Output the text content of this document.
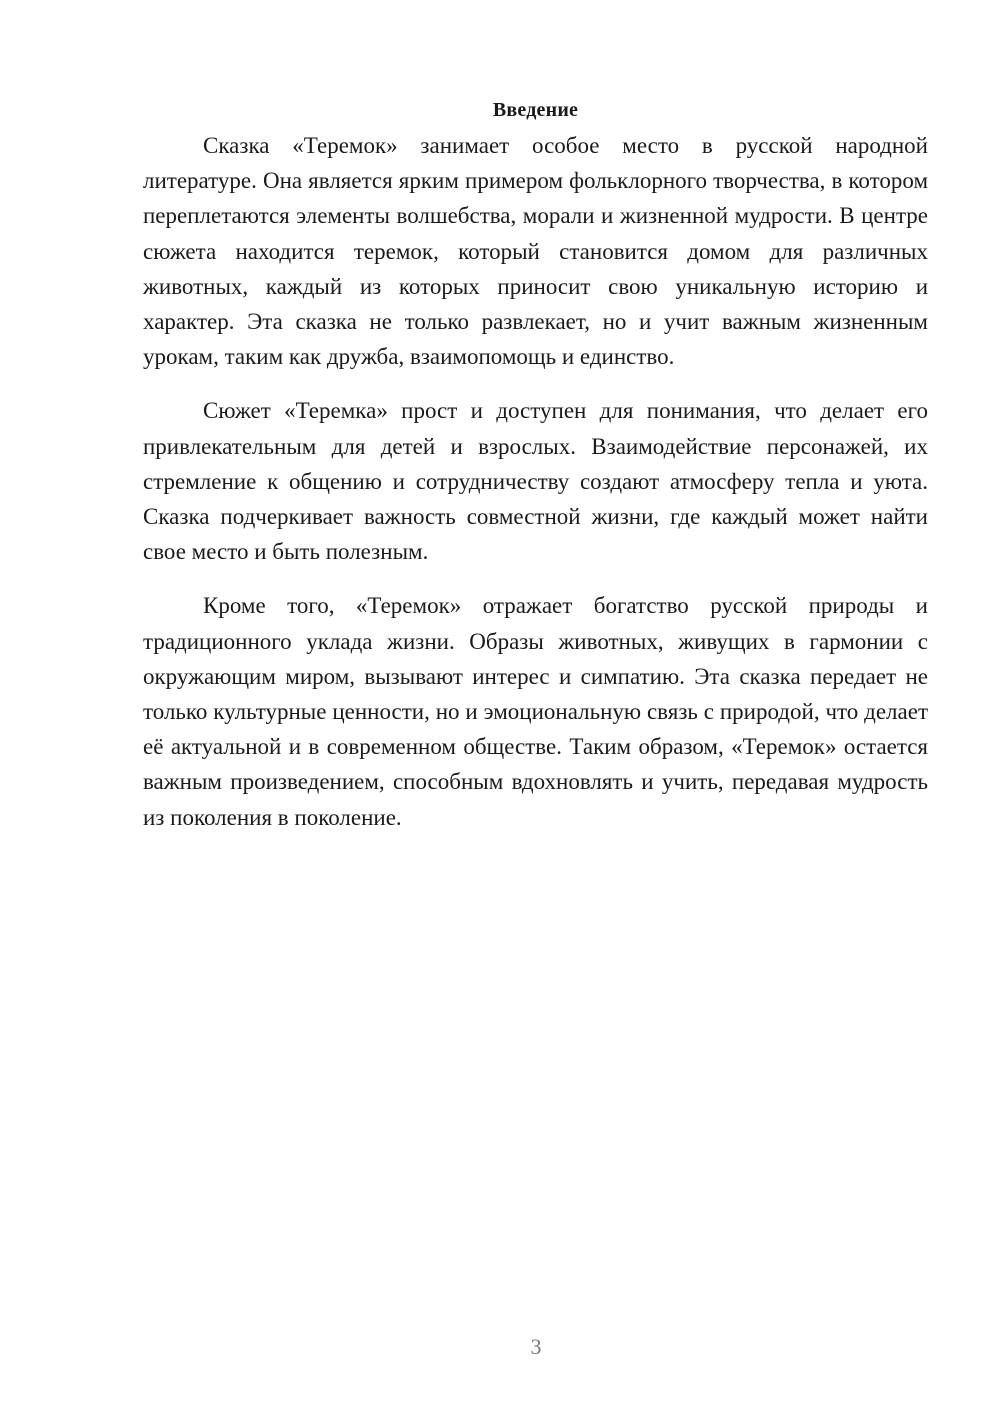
Введение

Сказка «Теремок» занимает особое место в русской народной литературе. Она является ярким примером фольклорного творчества, в котором переплетаются элементы волшебства, морали и жизненной мудрости. В центре сюжета находится теремок, который становится домом для различных животных, каждый из которых приносит свою уникальную историю и характер. Эта сказка не только развлекает, но и учит важным жизненным урокам, таким как дружба, взаимопомощь и единство.

Сюжет «Теремка» прост и доступен для понимания, что делает его привлекательным для детей и взрослых. Взаимодействие персонажей, их стремление к общению и сотрудничеству создают атмосферу тепла и уюта. Сказка подчеркивает важность совместной жизни, где каждый может найти свое место и быть полезным.

Кроме того, «Теремок» отражает богатство русской природы и традиционного уклада жизни. Образы животных, живущих в гармонии с окружающим миром, вызывают интерес и симпатию. Эта сказка передает не только культурные ценности, но и эмоциональную связь с природой, что делает её актуальной и в современном обществе. Таким образом, «Теремок» остается важным произведением, способным вдохновлять и учить, передавая мудрость из поколения в поколение.

3
